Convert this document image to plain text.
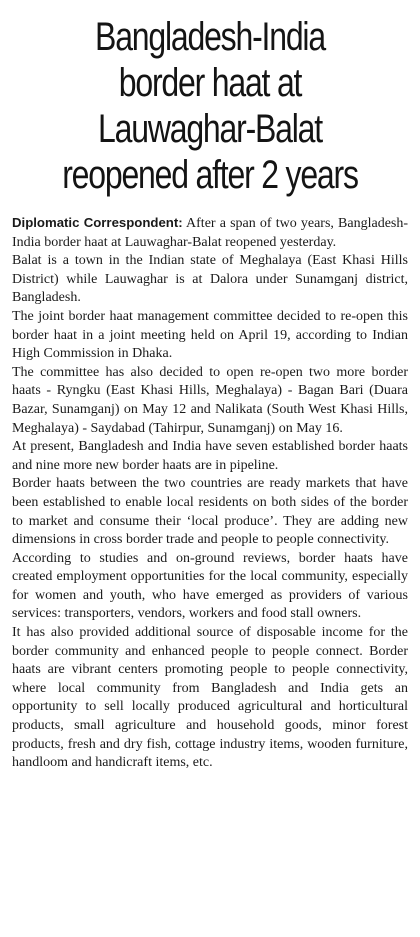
Bangladesh-India border haat at Lauwaghar-Balat reopened after 2 years

Diplomatic Correspondent: After a span of two years, Bangladesh-India border haat at Lauwaghar-Balat reopened yesterday.

Balat is a town in the Indian state of Meghalaya (East Khasi Hills District) while Lauwaghar is at Dalora under Sunamganj district, Bangladesh.

The joint border haat management committee decided to re-open this border haat in a joint meeting held on April 19, according to Indian High Commission in Dhaka.

The committee has also decided to open re-open two more border haats - Ryngku (East Khasi Hills, Meghalaya) - Bagan Bari (Duara Bazar, Sunamganj) on May 12 and Nalikata (South West Khasi Hills, Meghalaya) - Saydabad (Tahirpur, Sunamganj) on May 16.

At present, Bangladesh and India have seven established border haats and nine more new border haats are in pipeline.

Border haats between the two countries are ready markets that have been established to enable local residents on both sides of the border to market and consume their ‘local produce’. They are adding new dimensions in cross border trade and people to people connectivity.

According to studies and on-ground reviews, border haats have created employment opportunities for the local community, especially for women and youth, who have emerged as providers of various services: transporters, vendors, workers and food stall owners.

It has also provided additional source of disposable income for the border community and enhanced people to people connect. Border haats are vibrant centers promoting people to people connectivity, where local community from Bangladesh and India gets an opportunity to sell locally produced agricultural and horticultural products, small agriculture and household goods, minor forest products, fresh and dry fish, cottage industry items, wooden furniture, handloom and handicraft items, etc.
